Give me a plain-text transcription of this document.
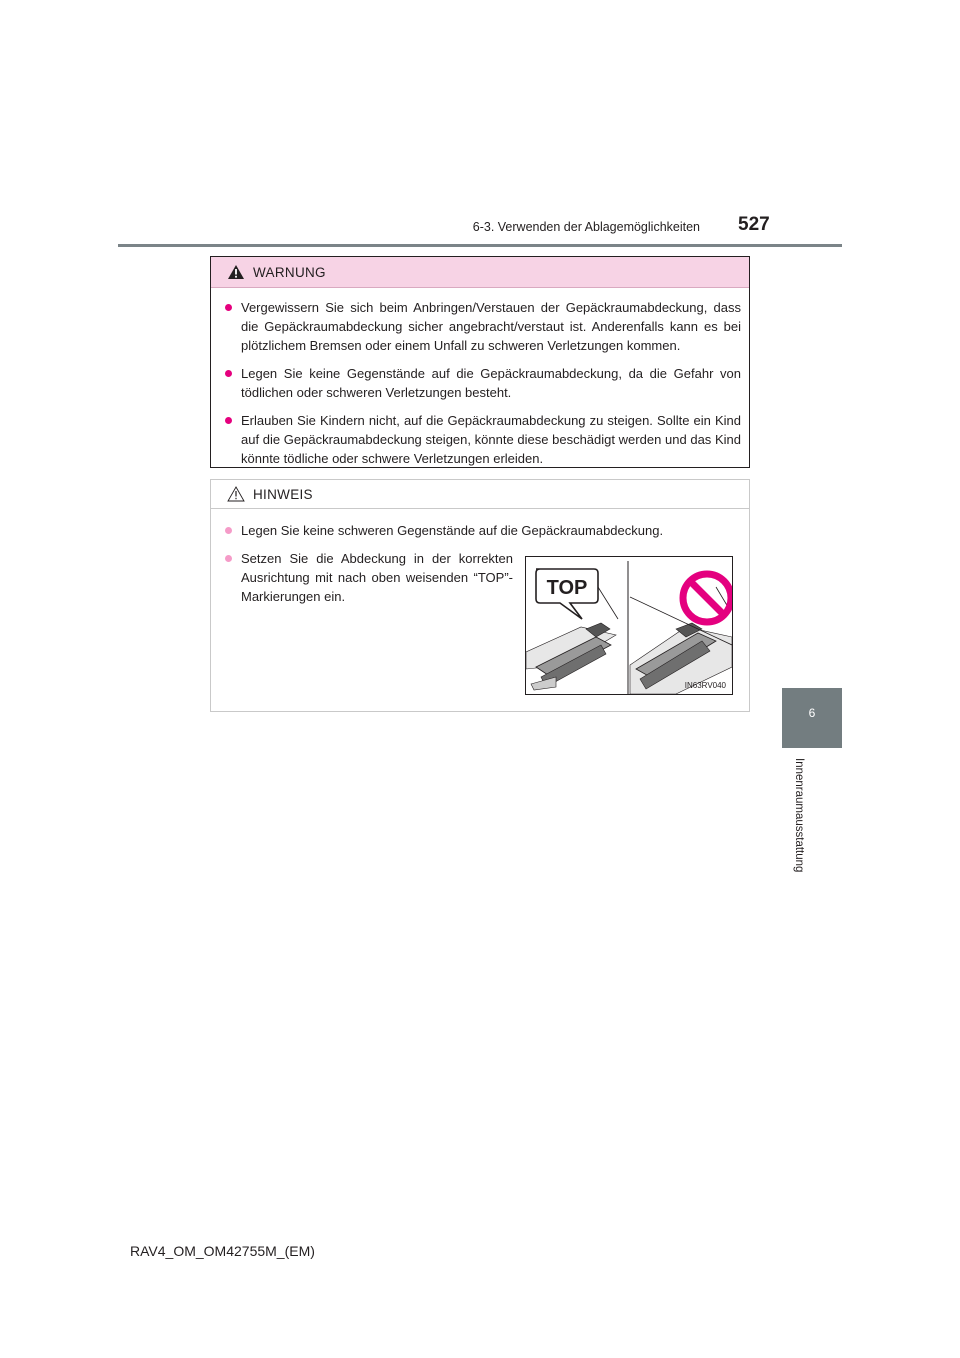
6-3. Verwenden der Ablagemöglichkeiten 527
6
Innenraumausstattung
WARNUNG
Vergewissern Sie sich beim Anbringen/Verstauen der Gepäckraumabdeckung, dass die Gepäckraumabdeckung sicher angebracht/verstaut ist. Anderenfalls kann es bei plötzlichem Bremsen oder einem Unfall zu schweren Verletzungen kommen.
Legen Sie keine Gegenstände auf die Gepäckraumabdeckung, da die Gefahr von tödlichen oder schweren Verletzungen besteht.
Erlauben Sie Kindern nicht, auf die Gepäckraumabdeckung zu steigen. Sollte ein Kind auf die Gepäckraumabdeckung steigen, könnte diese beschädigt werden und das Kind könnte tödliche oder schwere Verletzungen erleiden.
HINWEIS
Legen Sie keine schweren Gegenstände auf die Gepäckraumabdeckung.
Setzen Sie die Abdeckung in der korrekten Ausrichtung mit nach oben weisenden “TOP”-Markierungen ein.	TOP
IN63RV040
RAV4_OM_OM42755M_(EM)
